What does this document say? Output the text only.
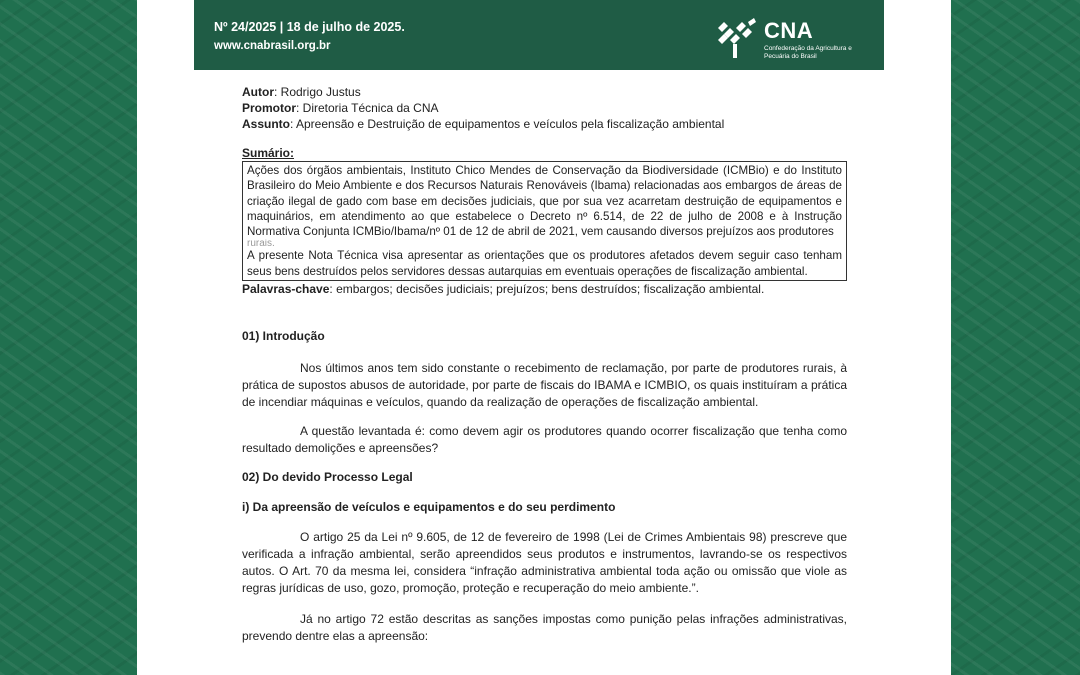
Nº 24/2025 | 18 de julho de 2025.
www.cnabrasil.org.br
CNA
Confederação da Agricultura e Pecuária do Brasil
Autor: Rodrigo Justus
Promotor: Diretoria Técnica da CNA
Assunto: Apreensão e Destruição de equipamentos e veículos pela fiscalização ambiental
Sumário:
Ações dos órgãos ambientais, Instituto Chico Mendes de Conservação da Biodiversidade (ICMBio) e do Instituto Brasileiro do Meio Ambiente e dos Recursos Naturais Renováveis (Ibama) relacionadas aos embargos de áreas de criação ilegal de gado com base em decisões judiciais, que por sua vez acarretam destruição de equipamentos e maquinários, em atendimento ao que estabelece o Decreto nº 6.514, de 22 de julho de 2008 e à Instrução Normativa Conjunta ICMBio/Ibama/nº 01 de 12 de abril de 2021, vem causando diversos prejuízos aos produtores
rurais.
A presente Nota Técnica visa apresentar as orientações que os produtores afetados devem seguir caso tenham seus bens destruídos pelos servidores dessas autarquias em eventuais operações de fiscalização ambiental.
Palavras-chave: embargos; decisões judiciais; prejuízos; bens destruídos; fiscalização ambiental.
01) Introdução
Nos últimos anos tem sido constante o recebimento de reclamação, por parte de produtores rurais, à prática de supostos abusos de autoridade, por parte de fiscais do IBAMA e ICMBIO, os quais instituíram a prática de incendiar máquinas e veículos, quando da realização de operações de fiscalização ambiental.
A questão levantada é: como devem agir os produtores quando ocorrer fiscalização que tenha como resultado demolições e apreensões?
02) Do devido Processo Legal
i) Da apreensão de veículos e equipamentos e do seu perdimento
O artigo 25 da Lei nº 9.605, de 12 de fevereiro de 1998 (Lei de Crimes Ambientais 98) prescreve que verificada a infração ambiental, serão apreendidos seus produtos e instrumentos, lavrando-se os respectivos autos. O Art. 70 da mesma lei, considera “infração administrativa ambiental toda ação ou omissão que viole as regras jurídicas de uso, gozo, promoção, proteção e recuperação do meio ambiente.”.
Já no artigo 72 estão descritas as sanções impostas como punição pelas infrações administrativas, prevendo dentre elas a apreensão:
